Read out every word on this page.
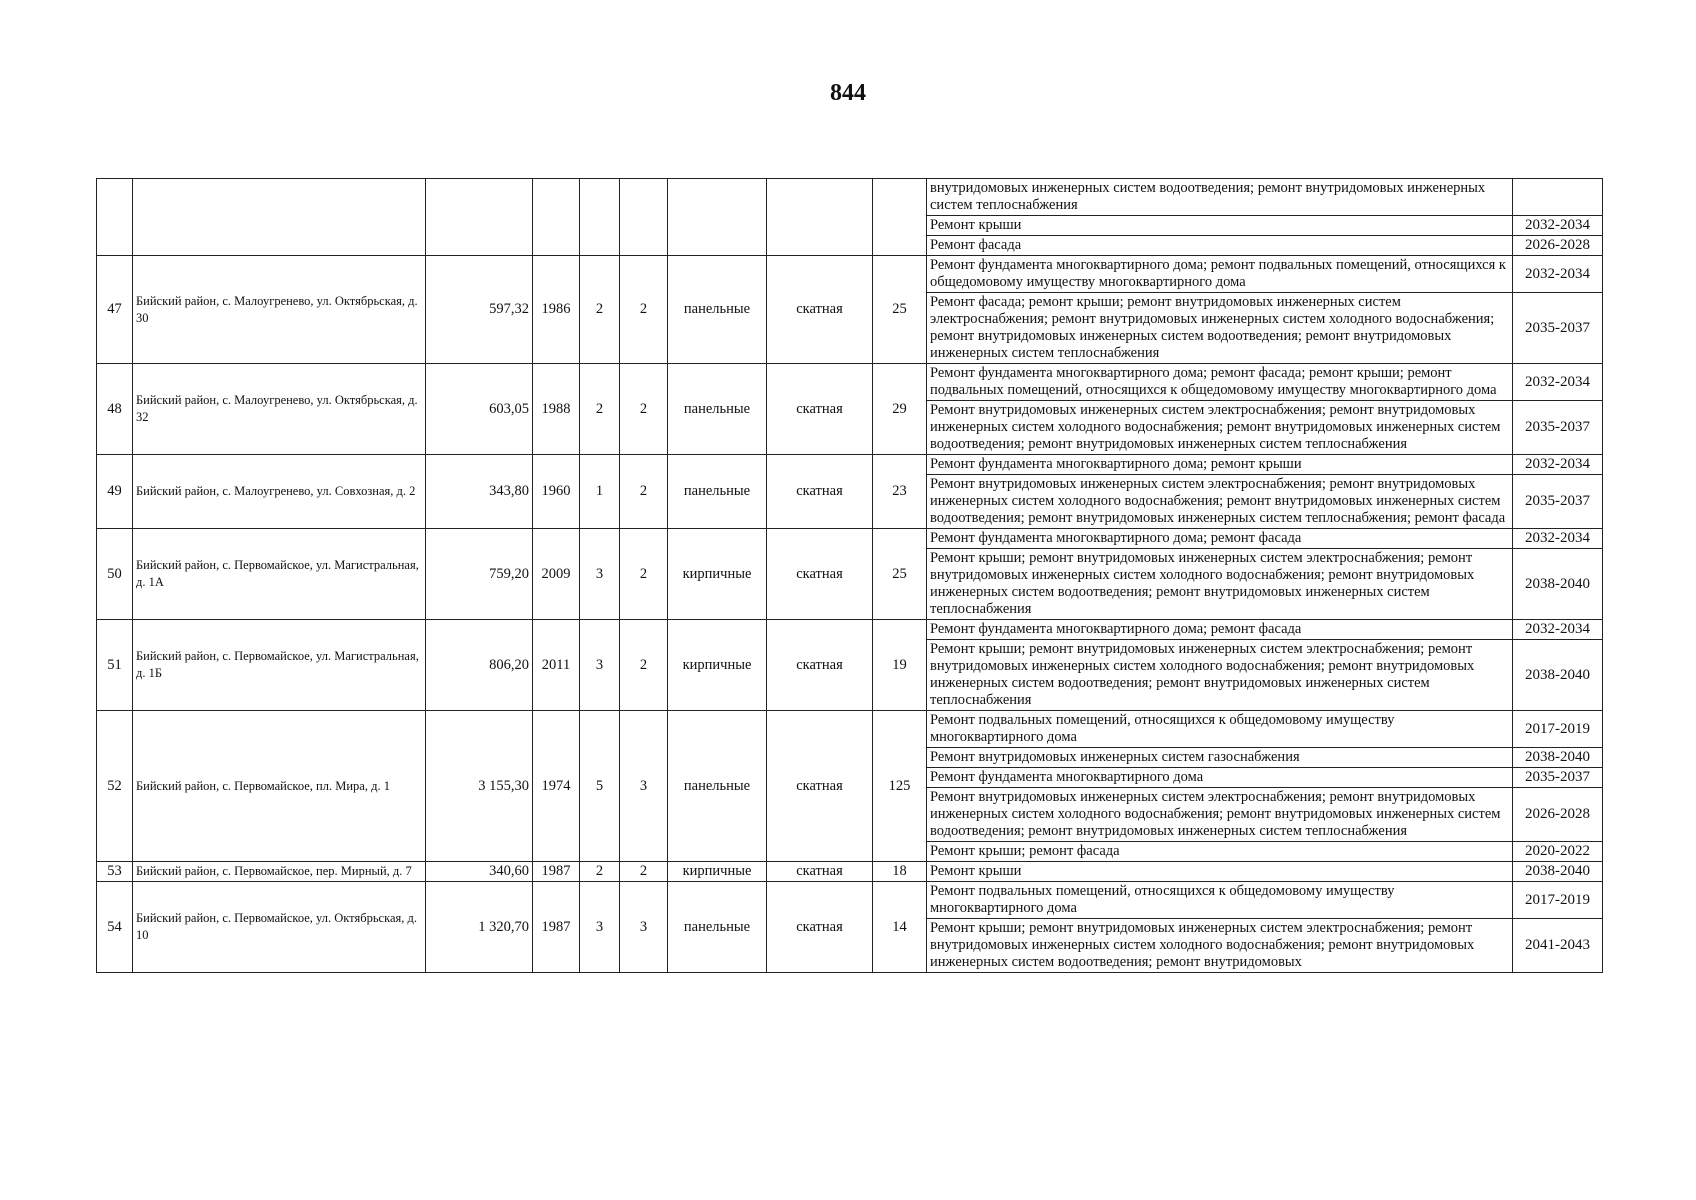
844
									внутридомовых инженерных систем водоотведения; ремонт внутридомовых инженерных систем теплоснабжения	
									Ремонт крыши	2032-2034
									Ремонт фасада	2026-2028
47	Бийский район, с. Малоугренево, ул. Октябрьская, д. 30	597,32	1986	2	2	панельные	скатная	25	Ремонт фундамента многоквартирного дома; ремонт подвальных помещений, относящихся к общедомовому имуществу многоквартирного дома	2032-2034
									Ремонт фасада; ремонт крыши; ремонт внутридомовых инженерных систем электроснабжения; ремонт внутридомовых инженерных систем холодного водоснабжения; ремонт внутридомовых инженерных систем водоотведения; ремонт внутридомовых инженерных систем теплоснабжения	2035-2037
48	Бийский район, с. Малоугренево, ул. Октябрьская, д. 32	603,05	1988	2	2	панельные	скатная	29	Ремонт фундамента многоквартирного дома; ремонт фасада; ремонт крыши; ремонт подвальных помещений, относящихся к общедомовому имуществу многоквартирного дома	2032-2034
									Ремонт внутридомовых инженерных систем электроснабжения; ремонт внутридомовых инженерных систем холодного водоснабжения; ремонт внутридомовых инженерных систем водоотведения; ремонт внутридомовых инженерных систем теплоснабжения	2035-2037
49	Бийский район, с. Малоугренево, ул. Совхозная, д. 2	343,80	1960	1	2	панельные	скатная	23	Ремонт фундамента многоквартирного дома; ремонт крыши	2032-2034
									Ремонт внутридомовых инженерных систем электроснабжения; ремонт внутридомовых инженерных систем холодного водоснабжения; ремонт внутридомовых инженерных систем водоотведения; ремонт внутридомовых инженерных систем теплоснабжения; ремонт фасада	2035-2037
50	Бийский район, с. Первомайское, ул. Магистральная, д. 1А	759,20	2009	3	2	кирпичные	скатная	25	Ремонт фундамента многоквартирного дома; ремонт фасада	2032-2034
									Ремонт крыши; ремонт внутридомовых инженерных систем электроснабжения; ремонт внутридомовых инженерных систем холодного водоснабжения; ремонт внутридомовых инженерных систем водоотведения; ремонт внутридомовых инженерных систем теплоснабжения	2038-2040
51	Бийский район, с. Первомайское, ул. Магистральная, д. 1Б	806,20	2011	3	2	кирпичные	скатная	19	Ремонт фундамента многоквартирного дома; ремонт фасада	2032-2034
									Ремонт крыши; ремонт внутридомовых инженерных систем электроснабжения; ремонт внутридомовых инженерных систем холодного водоснабжения; ремонт внутридомовых инженерных систем водоотведения; ремонт внутридомовых инженерных систем теплоснабжения	2038-2040
52	Бийский район, с. Первомайское, пл. Мира, д. 1	3 155,30	1974	5	3	панельные	скатная	125	Ремонт подвальных помещений, относящихся к общедомовому имуществу многоквартирного дома	2017-2019
									Ремонт внутридомовых инженерных систем газоснабжения	2038-2040
									Ремонт фундамента многоквартирного дома	2035-2037
									Ремонт внутридомовых инженерных систем электроснабжения; ремонт внутридомовых инженерных систем холодного водоснабжения; ремонт внутридомовых инженерных систем водоотведения; ремонт внутридомовых инженерных систем теплоснабжения	2026-2028
									Ремонт крыши; ремонт фасада	2020-2022
53	Бийский район, с. Первомайское, пер. Мирный, д. 7	340,60	1987	2	2	кирпичные	скатная	18	Ремонт крыши	2038-2040
54	Бийский район, с. Первомайское, ул. Октябрьская, д. 10	1 320,70	1987	3	3	панельные	скатная	14	Ремонт подвальных помещений, относящихся к общедомовому имуществу многоквартирного дома	2017-2019
									Ремонт крыши; ремонт внутридомовых инженерных систем электроснабжения; ремонт внутридомовых инженерных систем холодного водоснабжения; ремонт внутридомовых инженерных систем водоотведения; ремонт внутридомовых	2041-2043
